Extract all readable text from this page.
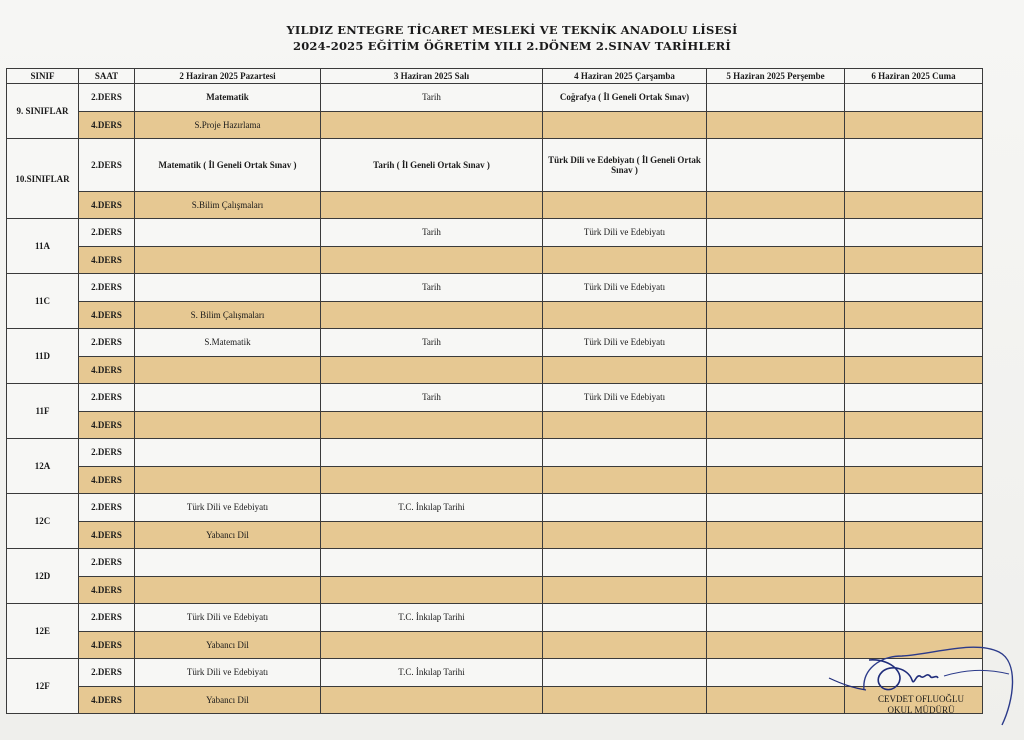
YILDIZ ENTEGRE TİCARET MESLEKİ VE TEKNİK ANADOLU LİSESİ
2024-2025 EĞİTİM ÖĞRETİM YILI 2.DÖNEM 2.SINAV TARİHLERİ
SINIF	SAAT	2 Haziran 2025 Pazartesi	3 Haziran 2025 Salı	4 Haziran 2025 Çarşamba	5 Haziran 2025 Perşembe	6 Haziran 2025 Cuma
9. SINIFLAR	2.DERS	Matematik	Tarih	Coğrafya ( İl Geneli Ortak Sınav)		
	4.DERS	S.Proje Hazırlama				
10.SINIFLAR	2.DERS	Matematik ( İl Geneli Ortak Sınav )	Tarih ( İl Geneli Ortak Sınav )	Türk Dili ve Edebiyatı ( İl Geneli Ortak Sınav )		
	4.DERS	S.Bilim Çalışmaları				
11A	2.DERS		Tarih	Türk Dili ve Edebiyatı		
	4.DERS					
11C	2.DERS		Tarih	Türk Dili ve Edebiyatı		
	4.DERS	S. Bilim Çalışmaları				
11D	2.DERS	S.Matematik	Tarih	Türk Dili ve Edebiyatı		
	4.DERS					
11F	2.DERS		Tarih	Türk Dili ve Edebiyatı		
	4.DERS					
12A	2.DERS					
	4.DERS					
12C	2.DERS	Türk Dili ve Edebiyatı	T.C. İnkılap Tarihi			
	4.DERS	Yabancı Dil				
12D	2.DERS					
	4.DERS					
12E	2.DERS	Türk Dili ve Edebiyatı	T.C. İnkılap Tarihi			
	4.DERS	Yabancı Dil				
12F	2.DERS	Türk Dili ve Edebiyatı	T.C. İnkılap Tarihi			
	4.DERS	Yabancı Dil					CEVDET OFLUOĞLU
OKUL MÜDÜRÜ
